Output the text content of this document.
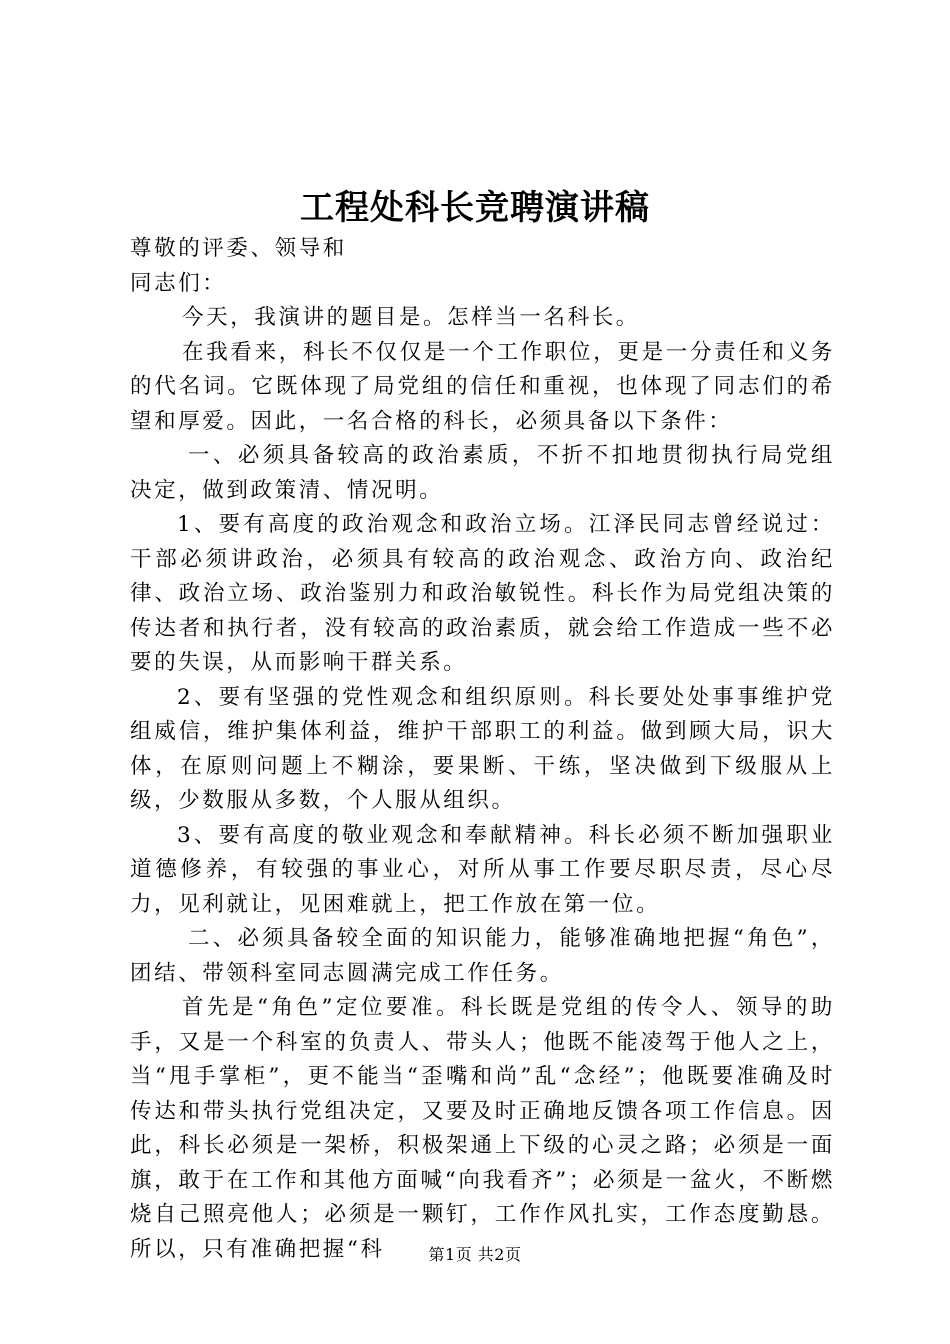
工程处科长竞聘演讲稿

尊敬的评委、领导和

同志们：

今天，我演讲的题目是。怎样当一名科长。

在我看来，科长不仅仅是一个工作职位，更是一分责任和义务的代名词。它既体现了局党组的信任和重视，也体现了同志们的希望和厚爱。因此，一名合格的科长，必须具备以下条件：

一、必须具备较高的政治素质，不折不扣地贯彻执行局党组决定，做到政策清、情况明。

1、要有高度的政治观念和政治立场。江泽民同志曾经说过：干部必须讲政治，必须具有较高的政治观念、政治方向、政治纪律、政治立场、政治鉴别力和政治敏锐性。科长作为局党组决策的传达者和执行者，没有较高的政治素质，就会给工作造成一些不必要的失误，从而影响干群关系。

2、要有坚强的党性观念和组织原则。科长要处处事事维护党组威信，维护集体利益，维护干部职工的利益。做到顾大局，识大体，在原则问题上不糊涂，要果断、干练，坚决做到下级服从上级，少数服从多数，个人服从组织。

3、要有高度的敬业观念和奉献精神。科长必须不断加强职业道德修养，有较强的事业心，对所从事工作要尽职尽责，尽心尽力，见利就让，见困难就上，把工作放在第一位。

二、必须具备较全面的知识能力，能够准确地把握“角色”，团结、带领科室同志圆满完成工作任务。

首先是“角色”定位要准。科长既是党组的传令人、领导的助手，又是一个科室的负责人、带头人；他既不能凌驾于他人之上，当“甩手掌柜”，更不能当“歪嘴和尚”乱“念经”；他既要准确及时传达和带头执行党组决定，又要及时正确地反馈各项工作信息。因此，科长必须是一架桥，积极架通上下级的心灵之路；必须是一面旗，敢于在工作和其他方面喊“向我看齐”；必须是一盆火，不断燃烧自己照亮他人；必须是一颗钉，工作作风扎实，工作态度勤恳。所以，只有准确把握“科	第1页 共2页
